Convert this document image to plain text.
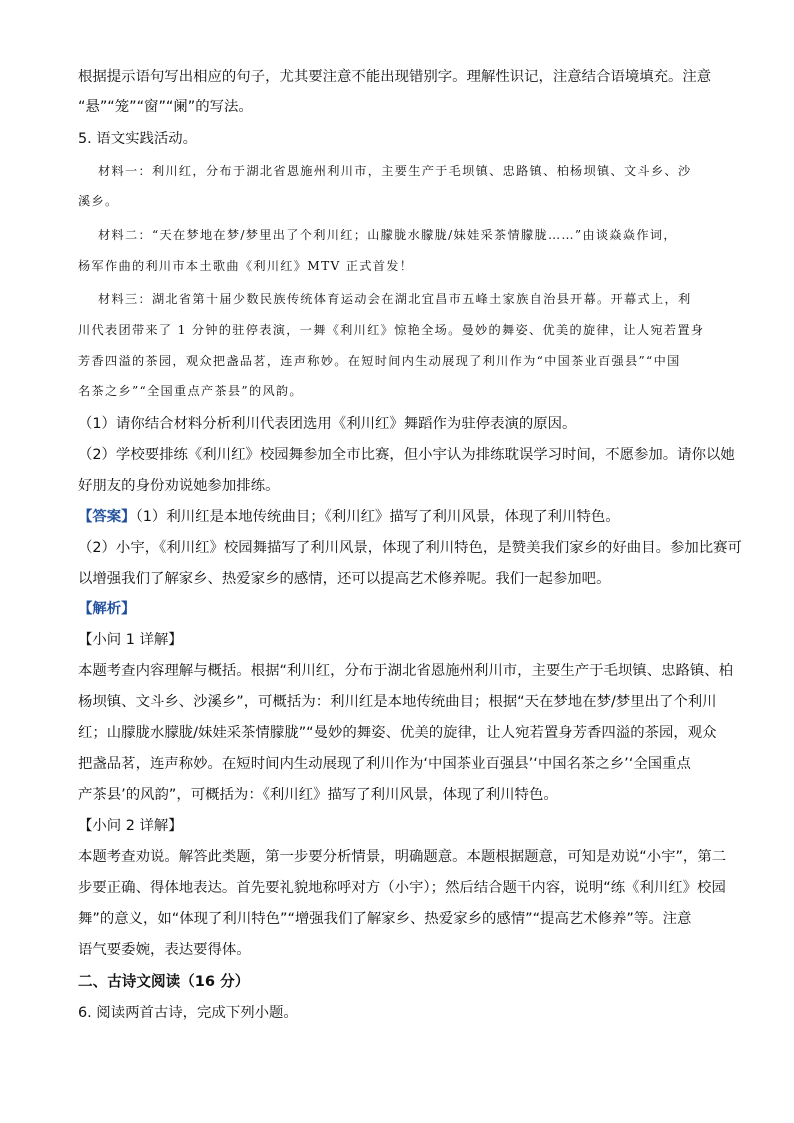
根据提示语句写出相应的句子，尤其要注意不能出现错别字。理解性识记，注意结合语境填充。注意
“悬”“笼”“窗”“阑”的写法。
5. 语文实践活动。
材料一：利川红，分布于湖北省恩施州利川市，主要生产于毛坝镇、忠路镇、柏杨坝镇、文斗乡、沙
溪乡。
材料二：“天在梦地在梦/梦里出了个利川红；山朦胧水朦胧/妹娃采茶情朦胧……”由谈焱焱作词，
杨军作曲的利川市本土歌曲《利川红》MTV 正式首发！
材料三：湖北省第十届少数民族传统体育运动会在湖北宜昌市五峰土家族自治县开幕。开幕式上，利
川代表团带来了 1 分钟的驻停表演，一舞《利川红》惊艳全场。曼妙的舞姿、优美的旋律，让人宛若置身
芳香四溢的茶园，观众把盏品茗，连声称妙。在短时间内生动展现了利川作为“中国茶业百强县”“中国
名茶之乡”“全国重点产茶县”的风韵。
（1）请你结合材料分析利川代表团选用《利川红》舞蹈作为驻停表演的原因。
（2）学校要排练《利川红》校园舞参加全市比赛，但小宇认为排练耽误学习时间，不愿参加。请你以她
好朋友的身份劝说她参加排练。
【答案】（1）利川红是本地传统曲目；《利川红》描写了利川风景，体现了利川特色。
（2）小宇，《利川红》校园舞描写了利川风景，体现了利川特色，是赞美我们家乡的好曲目。参加比赛可
以增强我们了解家乡、热爱家乡的感情，还可以提高艺术修养呢。我们一起参加吧。
【解析】
【小问 1 详解】
本题考查内容理解与概括。根据“利川红，分布于湖北省恩施州利川市，主要生产于毛坝镇、忠路镇、柏
杨坝镇、文斗乡、沙溪乡”，可概括为：利川红是本地传统曲目；根据“天在梦地在梦/梦里出了个利川
红；山朦胧水朦胧/妹娃采茶情朦胧”“曼妙的舞姿、优美的旋律，让人宛若置身芳香四溢的茶园，观众
把盏品茗，连声称妙。在短时间内生动展现了利川作为‘中国茶业百强县’‘中国名茶之乡’‘全国重点
产茶县’的风韵”，可概括为：《利川红》描写了利川风景，体现了利川特色。
【小问 2 详解】
本题考查劝说。解答此类题，第一步要分析情景，明确题意。本题根据题意，可知是劝说“小宇”，第二
步要正确、得体地表达。首先要礼貌地称呼对方（小宇）；然后结合题干内容，说明“练《利川红》校园
舞”的意义，如“体现了利川特色”“增强我们了解家乡、热爱家乡的感情”“提高艺术修养”等。注意
语气要委婉，表达要得体。
二、古诗文阅读（16 分）
6. 阅读两首古诗，完成下列小题。
